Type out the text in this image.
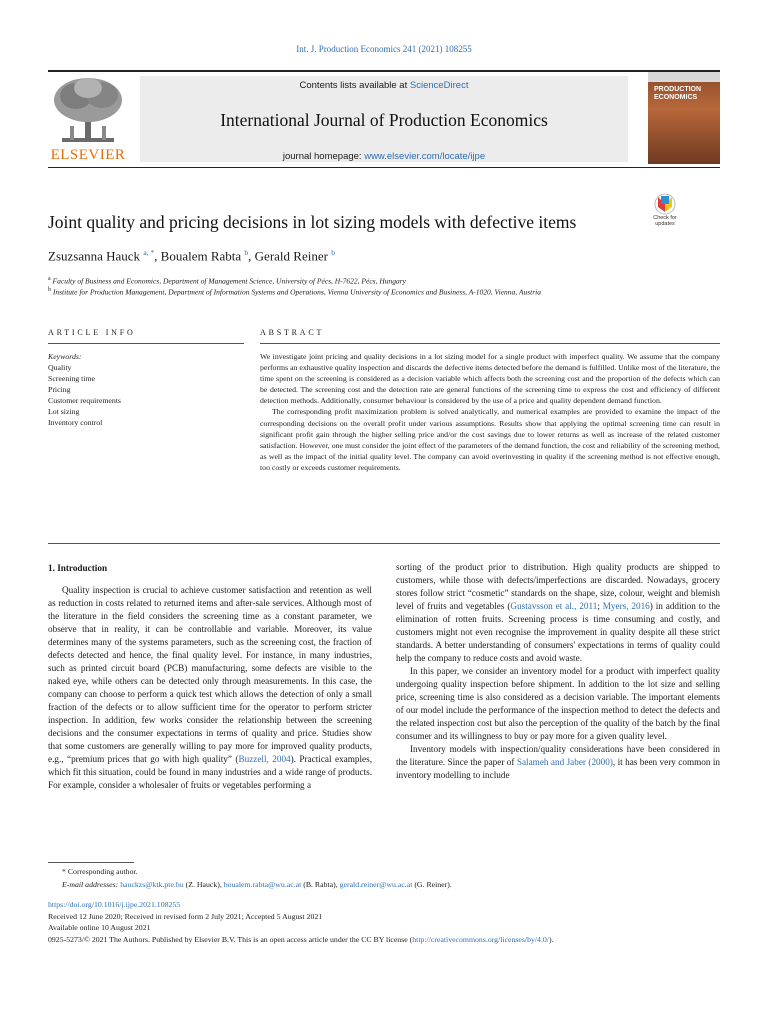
Int. J. Production Economics 241 (2021) 108255
ELSEVIER
Contents lists available at ScienceDirect
International Journal of Production Economics
journal homepage: www.elsevier.com/locate/ijpe
PRODUCTION
ECONOMICS
Joint quality and pricing decisions in lot sizing models with defective items	Check for
updates
Zsuzsanna Hauck $^{a, *}$, Boualem Rabta $^b$, Gerald Reiner $^b$
$^a$ Faculty of Business and Economics, Department of Management Science, University of Pécs, H-7622, Pécs, Hungary
$^b$ Institute for Production Management, Department of Information Systems and Operations, Vienna University of Economics and Business, A-1020, Vienna, Austria
ARTICLE INFO	ABSTRACT
Keywords:
Quality
Screening time
Pricing
Customer requirements
Lot sizing
Inventory control

We investigate joint pricing and quality decisions in a lot sizing model for a single product with imperfect quality. We assume that the company performs an exhaustive quality inspection and discards the defective items detected before the demand is fulfilled. Unlike most of the literature, the time spent on the screening is considered as a decision variable which affects both the screening cost and the proportion of the defects which can be detected. The screening cost and the detection rate are general functions of the screening time to express the cost and efficiency of different detection methods. Additionally, consumer behaviour is considered by the use of a price and quality dependent demand function.

The corresponding profit maximization problem is solved analytically, and numerical examples are provided to examine the impact of the corresponding decisions on the overall profit under various assumptions. Results show that applying the optimal screening time can result in significant profit gain through the higher selling price and/or the cost savings due to lower returns as well as increase of the related customer satisfaction. However, one must consider the joint effect of the parameters of the demand function, the cost and reliability of the screening method, as well as the impact of the initial quality level. The company can avoid overinvesting in quality if the screening method is not effective enough, too costly or exceeds customer requirements.

1. Introduction

Quality inspection is crucial to achieve customer satisfaction and retention as well as reduction in costs related to returned items and after-sale services. Although most of the literature in the field considers the screening time as a constant parameter, we observe that in reality, it can be controllable and variable. Moreover, its value determines many of the systems parameters, such as the screening cost, the fraction of defects detected and hence, the final quality level. For instance, in many industries, such as printed circuit board (PCB) manufacturing, some defects are visible to the naked eye, while others can be detected only through measurements. In this case, the company can choose to perform a quick test which allows the detection of only a small fraction of the defects or to allow sufficient time for the operator to perform stricter inspection. In addition, few works consider the relationship between the screening decisions and the consumer expectations in terms of quality and price. Studies show that some customers are generally willing to pay more for improved quality products, e.g., “premium prices that go with high quality” (Buzzell, 2004). Practical examples, which fit this situation, could be found in many industries and a wide range of products. For example, consider a wholesaler of fruits or vegetables performing a

sorting of the product prior to distribution. High quality products are shipped to customers, while those with defects/imperfections are discarded. Nowadays, grocery stores follow strict “cosmetic” standards on the shape, size, colour, weight and blemish level of fruits and vegetables (Gustavsson et al., 2011; Myers, 2016) in addition to the elimination of rotten fruits. Screening process is time consuming and costly, and customers might not even recognise the improvement in quality despite all these strict standards. A better understanding of consumers' expectations in terms of quality could help the company to reduce costs and avoid waste.

In this paper, we consider an inventory model for a product with imperfect quality undergoing quality inspection before shipment. In addition to the lot size and selling price, screening time is also considered as a decision variable. The important elements of our model include the performance of the inspection method to detect the defects and the related inspection cost but also the perception of the quality of the batch by the final consumer and its willingness to buy or pay more for a given quality level.

Inventory models with inspection/quality considerations have been considered in the literature. Since the paper of Salameh and Jaber (2000), it has been very common in inventory modelling to include

* Corresponding author.
E-mail addresses: hauckzs@ktk.pte.hu (Z. Hauck), boualem.rabta@wu.ac.at (B. Rabta), gerald.reiner@wu.ac.at (G. Reiner).
https://doi.org/10.1016/j.ijpe.2021.108255
Received 12 June 2020; Received in revised form 2 July 2021; Accepted 5 August 2021
Available online 10 August 2021
0925-5273/© 2021 The Authors. Published by Elsevier B.V. This is an open access article under the CC BY license (http://creativecommons.org/licenses/by/4.0/).
